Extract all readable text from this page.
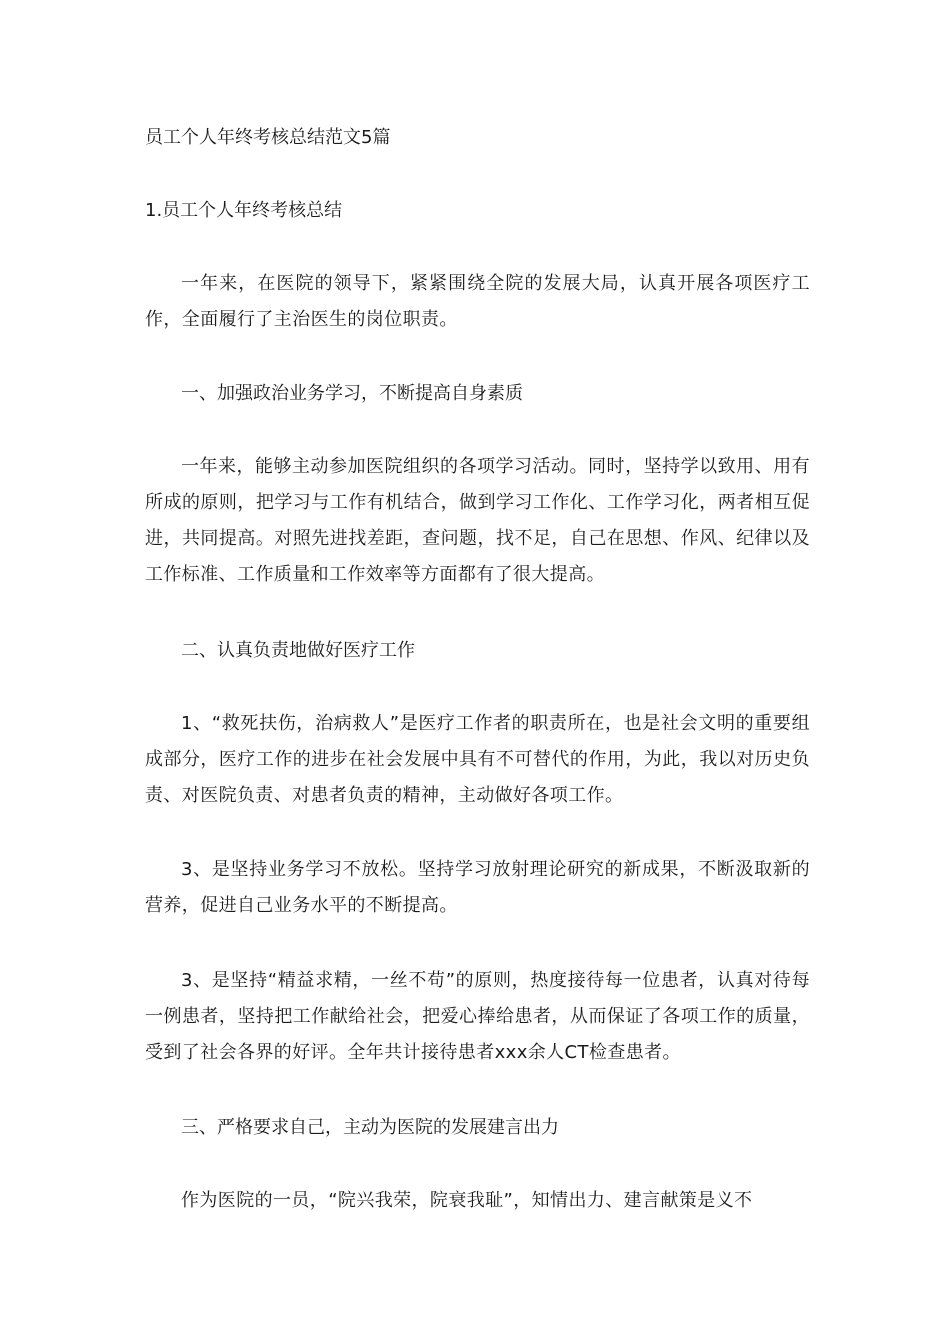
员工个人年终考核总结范文5篇
1.员工个人年终考核总结
一年来，在医院的领导下，紧紧围绕全院的发展大局，认真开展各项医疗工作，全面履行了主治医生的岗位职责。
一、加强政治业务学习，不断提高自身素质
一年来，能够主动参加医院组织的各项学习活动。同时，坚持学以致用、用有所成的原则，把学习与工作有机结合，做到学习工作化、工作学习化，两者相互促进，共同提高。对照先进找差距，查问题，找不足，自己在思想、作风、纪律以及工作标准、工作质量和工作效率等方面都有了很大提高。
二、认真负责地做好医疗工作
1、“救死扶伤，治病救人”是医疗工作者的职责所在，也是社会文明的重要组成部分，医疗工作的进步在社会发展中具有不可替代的作用，为此，我以对历史负责、对医院负责、对患者负责的精神，主动做好各项工作。
3、是坚持业务学习不放松。坚持学习放射理论研究的新成果，不断汲取新的营养，促进自己业务水平的不断提高。
3、是坚持“精益求精，一丝不苟”的原则，热度接待每一位患者，认真对待每一例患者，坚持把工作献给社会，把爱心捧给患者，从而保证了各项工作的质量，受到了社会各界的好评。全年共计接待患者xxx余人CT检查患者。
三、严格要求自己，主动为医院的发展建言出力
作为医院的一员，“院兴我荣，院衰我耻”，知情出力、建言献策是义不
